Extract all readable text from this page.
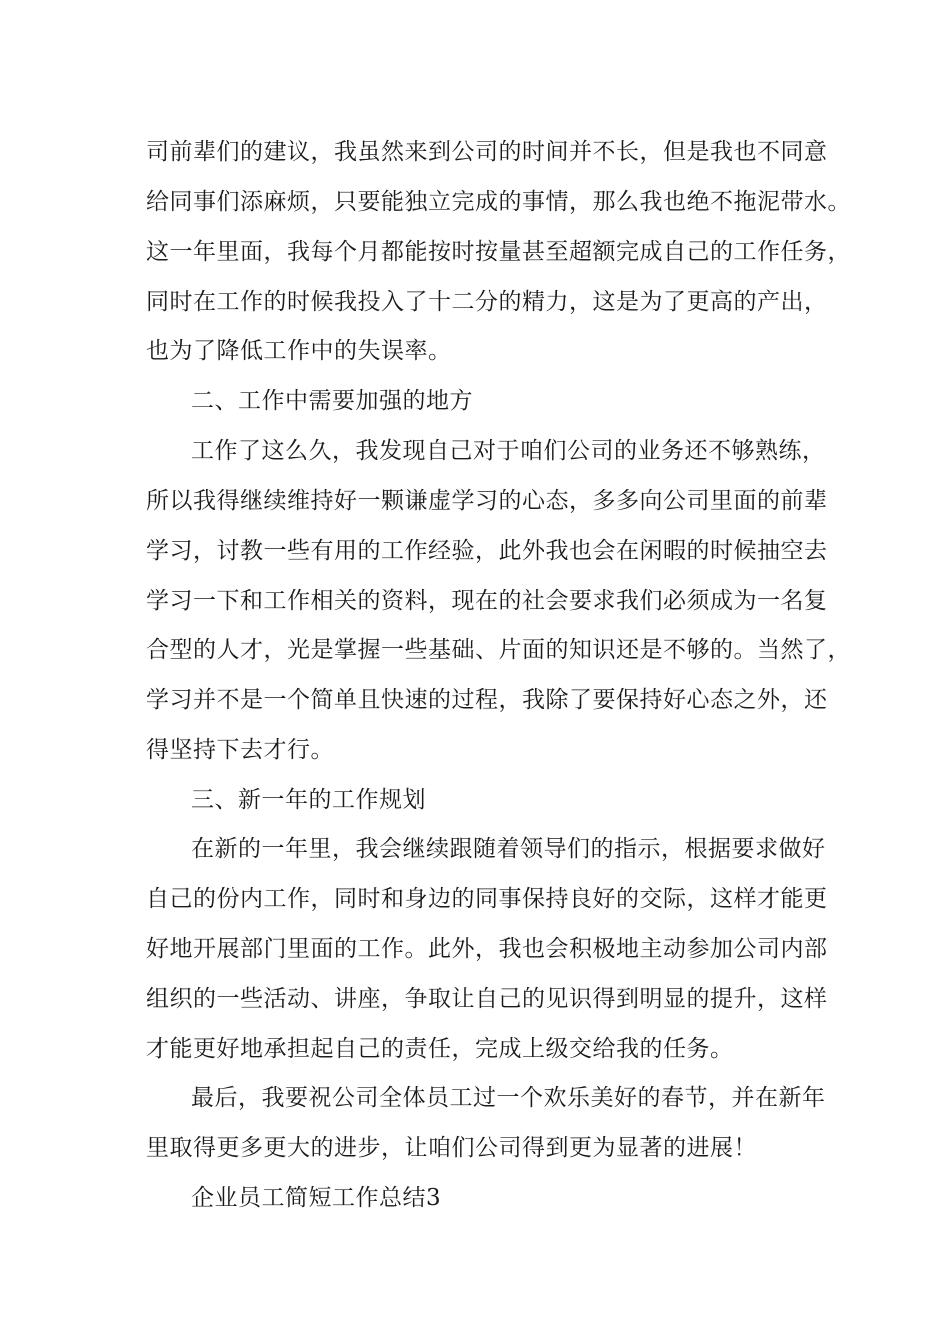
司前辈们的建议，我虽然来到公司的时间并不长，但是我也不同意
给同事们添麻烦，只要能独立完成的事情，那么我也绝不拖泥带水。
这一年里面，我每个月都能按时按量甚至超额完成自己的工作任务，
同时在工作的时候我投入了十二分的精力，这是为了更高的产出，
也为了降低工作中的失误率。
二、工作中需要加强的地方
工作了这么久，我发现自己对于咱们公司的业务还不够熟练，
所以我得继续维持好一颗谦虚学习的心态，多多向公司里面的前辈
学习，讨教一些有用的工作经验，此外我也会在闲暇的时候抽空去
学习一下和工作相关的资料，现在的社会要求我们必须成为一名复
合型的人才，光是掌握一些基础、片面的知识还是不够的。当然了，
学习并不是一个简单且快速的过程，我除了要保持好心态之外，还
得坚持下去才行。
三、新一年的工作规划
在新的一年里，我会继续跟随着领导们的指示，根据要求做好
自己的份内工作，同时和身边的同事保持良好的交际，这样才能更
好地开展部门里面的工作。此外，我也会积极地主动参加公司内部
组织的一些活动、讲座，争取让自己的见识得到明显的提升，这样
才能更好地承担起自己的责任，完成上级交给我的任务。
最后，我要祝公司全体员工过一个欢乐美好的春节，并在新年
里取得更多更大的进步，让咱们公司得到更为显著的进展！
企业员工简短工作总结3
